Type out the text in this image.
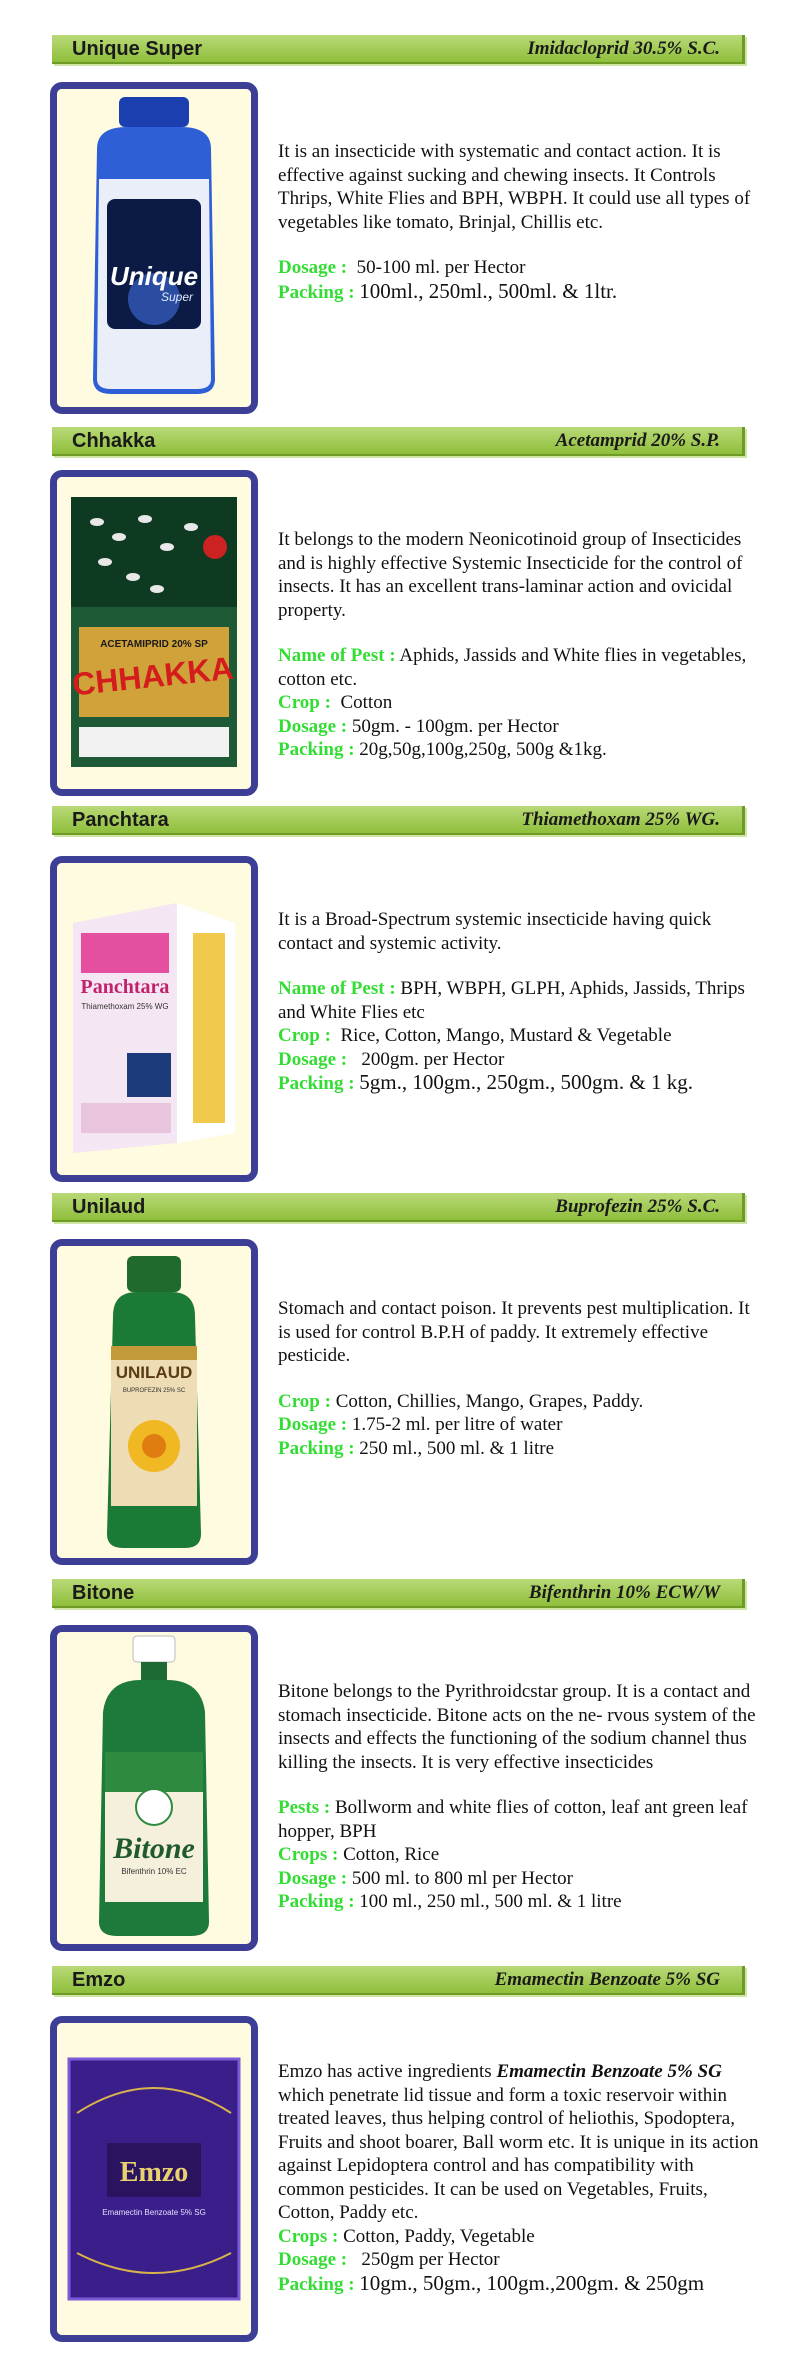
Unique Super	Imidacloprid 30.5% S.C.
Unique
Super

It is an insecticide with systematic and contact action. It is effective against sucking and chewing insects. It Controls Thrips, White Flies and BPH, WBPH. It could use all types of vegetables like tomato, Brinjal, Chillis etc.

Dosage : 50-100 ml. per Hector

Packing : 100ml., 250ml., 500ml. & 1ltr.

Chhakka	Acetamprid 20% S.P.
ACETAMIPRID 20% SP
CHHAKKA

It belongs to the modern Neonicotinoid group of Insecticides and is highly effective Systemic Insecticide for the control of insects. It has an excellent trans-laminar action and ovicidal property.

Name of Pest : Aphids, Jassids and White flies in vegetables, cotton etc.

Crop : Cotton

Dosage : 50gm. - 100gm. per Hector

Packing : 20g,50g,100g,250g, 500g &1kg.

Panchtara	Thiamethoxam 25% WG.
Panchtara
Thiamethoxam 25% WG

It is a Broad-Spectrum systemic insecticide having quick contact and systemic activity.

Name of Pest : BPH, WBPH, GLPH, Aphids, Jassids, Thrips and White Flies etc

Crop : Rice, Cotton, Mango, Mustard & Vegetable

Dosage : 200gm. per Hector

Packing : 5gm., 100gm., 250gm., 500gm. & 1 kg.

Unilaud	Buprofezin 25% S.C.
UNILAUD
BUPROFEZIN 25% SC

Stomach and contact poison. It prevents pest multiplication. It is used for control B.P.H of paddy. It extremely effective pesticide.

Crop : Cotton, Chillies, Mango, Grapes, Paddy.

Dosage : 1.75-2 ml. per litre of water

Packing : 250 ml., 500 ml. & 1 litre

Bitone	Bifenthrin 10% ECW/W
Bitone
Bifenthrin 10% EC

Bitone belongs to the Pyrithroidcstar group. It is a contact and stomach insecticide. Bitone acts on the ne- rvous system of the insects and effects the functioning of the sodium channel thus killing the insects. It is very effective insecticides

Pests : Bollworm and white flies of cotton, leaf ant green leaf hopper, BPH

Crops : Cotton, Rice

Dosage : 500 ml. to 800 ml per Hector

Packing : 100 ml., 250 ml., 500 ml. & 1 litre

Emzo	Emamectin Benzoate 5% SG
Emzo
Emamectin Benzoate 5% SG

Emzo has active ingredients Emamectin Benzoate 5% SG which penetrate lid tissue and form a toxic reservoir within treated leaves, thus helping control of heliothis, Spodoptera, Fruits and shoot boarer, Ball worm etc. It is unique in its action against Lepidoptera control and has compatibility with common pesticides. It can be used on Vegetables, Fruits, Cotton, Paddy etc.

Crops : Cotton, Paddy, Vegetable

Dosage : 250gm per Hector

Packing : 10gm., 50gm., 100gm.,200gm. & 250gm
